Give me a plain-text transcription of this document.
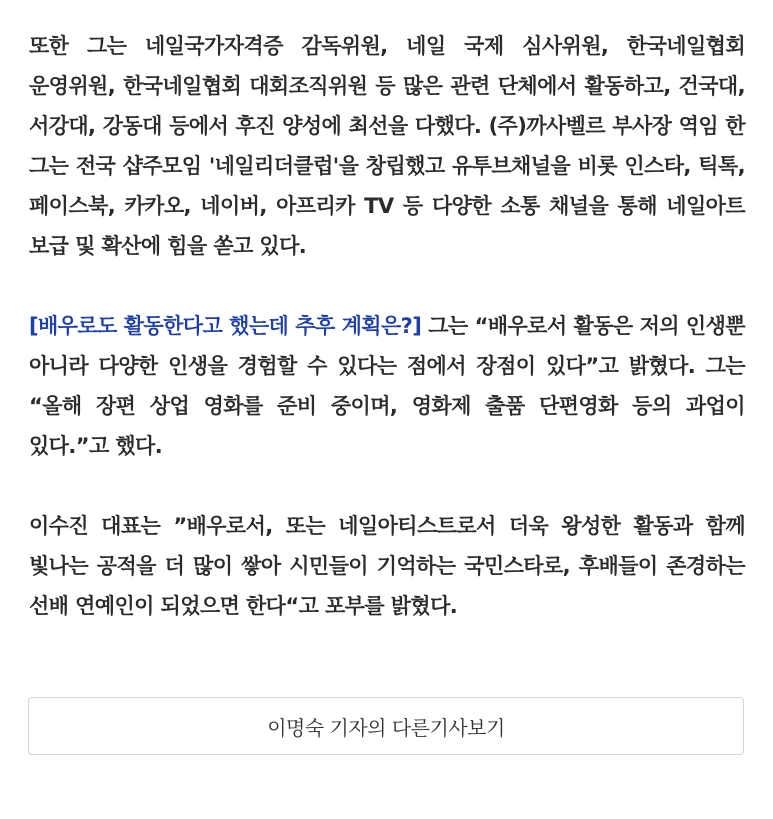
또한 그는 네일국가자격증 감독위원, 네일 국제 심사위원, 한국네일협회 운영위원, 한국네일협회 대회조직위원 등 많은 관련 단체에서 활동하고, 건국대, 서강대, 강동대 등에서 후진 양성에 최선을 다했다. (주)까사벨르 부사장 역임 한 그는 전국 샵주모임 '네일리더클럽'을 창립했고 유투브채널을 비롯 인스타, 틱톡, 페이스북, 카카오, 네이버, 아프리카 TV 등 다양한 소통 채널을 통해 네일아트 보급 및 확산에 힘을 쏟고 있다.

[배우로도 활동한다고 했는데 추후 계획은?] 그는 “배우로서 활동은 저의 인생뿐 아니라 다양한 인생을 경험할 수 있다는 점에서 장점이 있다”고 밝혔다. 그는 “올해 장편 상업 영화를 준비 중이며, 영화제 출품 단편영화 등의 과업이 있다.”고 했다.

이수진 대표는 ”배우로서, 또는 네일아티스트로서 더욱 왕성한 활동과 함께 빛나는 공적을 더 많이 쌓아 시민들이 기억하는 국민스타로, 후배들이 존경하는 선배 연예인이 되었으면 한다“고 포부를 밝혔다.

이명숙 기자의 다른기사보기
